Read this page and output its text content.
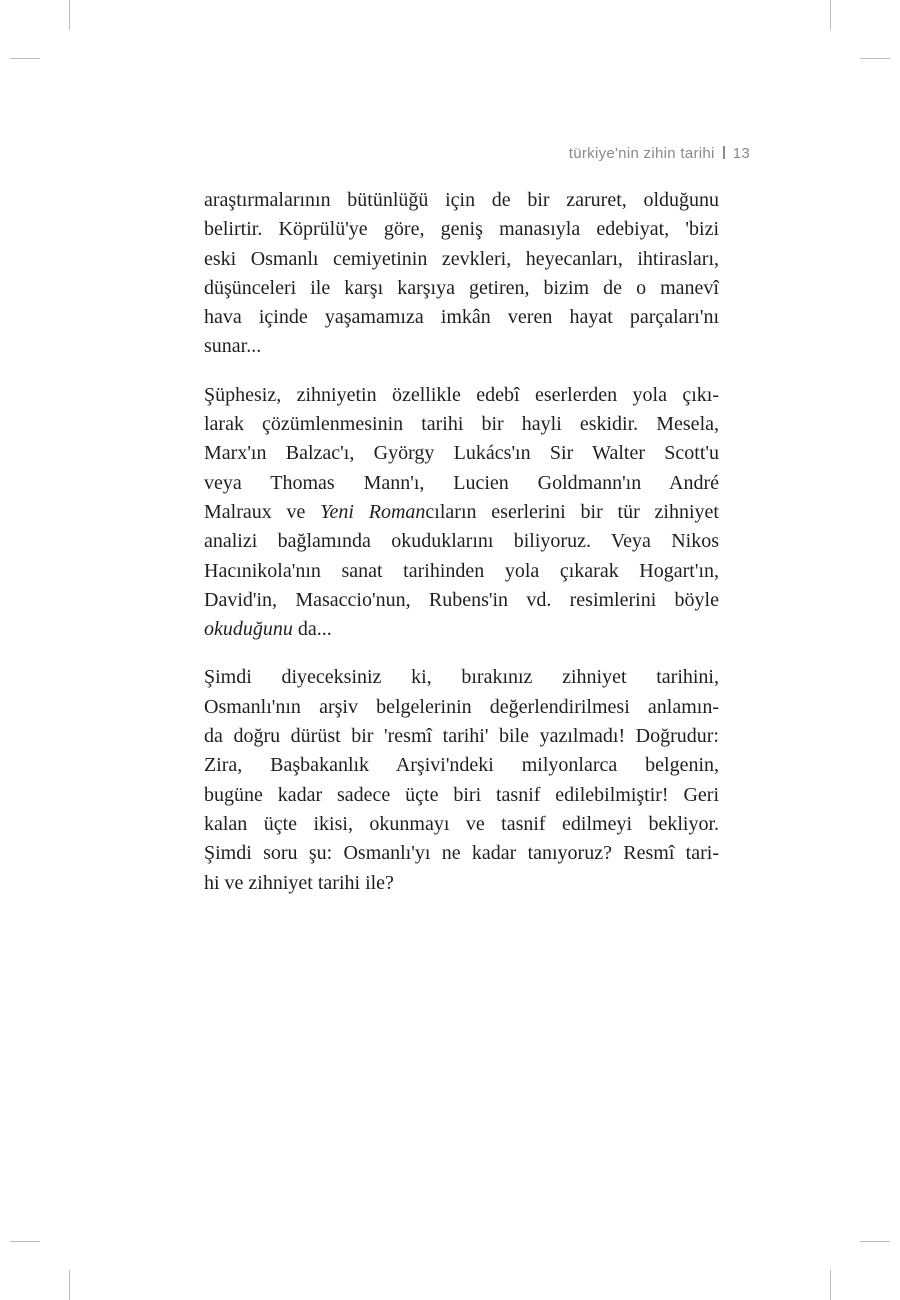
türkiye'nin zihin tarihi 13

araştırmalarının bütünlüğü için de bir zaruret, olduğunu
belirtir. Köprülü'ye göre, geniş manasıyla edebiyat, 'bizi
eski Osmanlı cemiyetinin zevkleri, heyecanları, ihtirasları,
düşünceleri ile karşı karşıya getiren, bizim de o manevî
hava içinde yaşamamıza imkân veren hayat parçaları'nı
sunar...

Şüphesiz, zihniyetin özellikle edebî eserlerden yola çıkı-
larak çözümlenmesinin tarihi bir hayli eskidir. Mesela,
Marx'ın Balzac'ı, György Lukács'ın Sir Walter Scott'u
veya Thomas Mann'ı, Lucien Goldmann'ın André
Malraux ve Yeni Romancıların eserlerini bir tür zihniyet
analizi bağlamında okuduklarını biliyoruz. Veya Nikos
Hacınikola'nın sanat tarihinden yola çıkarak Hogart'ın,
David'in, Masaccio'nun, Rubens'in vd. resimlerini böyle
okuduğunu da...

Şimdi diyeceksiniz ki, bırakınız zihniyet tarihini,
Osmanlı'nın arşiv belgelerinin değerlendirilmesi anlamın-
da doğru dürüst bir 'resmî tarihi' bile yazılmadı! Doğrudur:
Zira, Başbakanlık Arşivi'ndeki milyonlarca belgenin,
bugüne kadar sadece üçte biri tasnif edilebilmiştir! Geri
kalan üçte ikisi, okunmayı ve tasnif edilmeyi bekliyor.
Şimdi soru şu: Osmanlı'yı ne kadar tanıyoruz? Resmî tari-
hi ve zihniyet tarihi ile?
